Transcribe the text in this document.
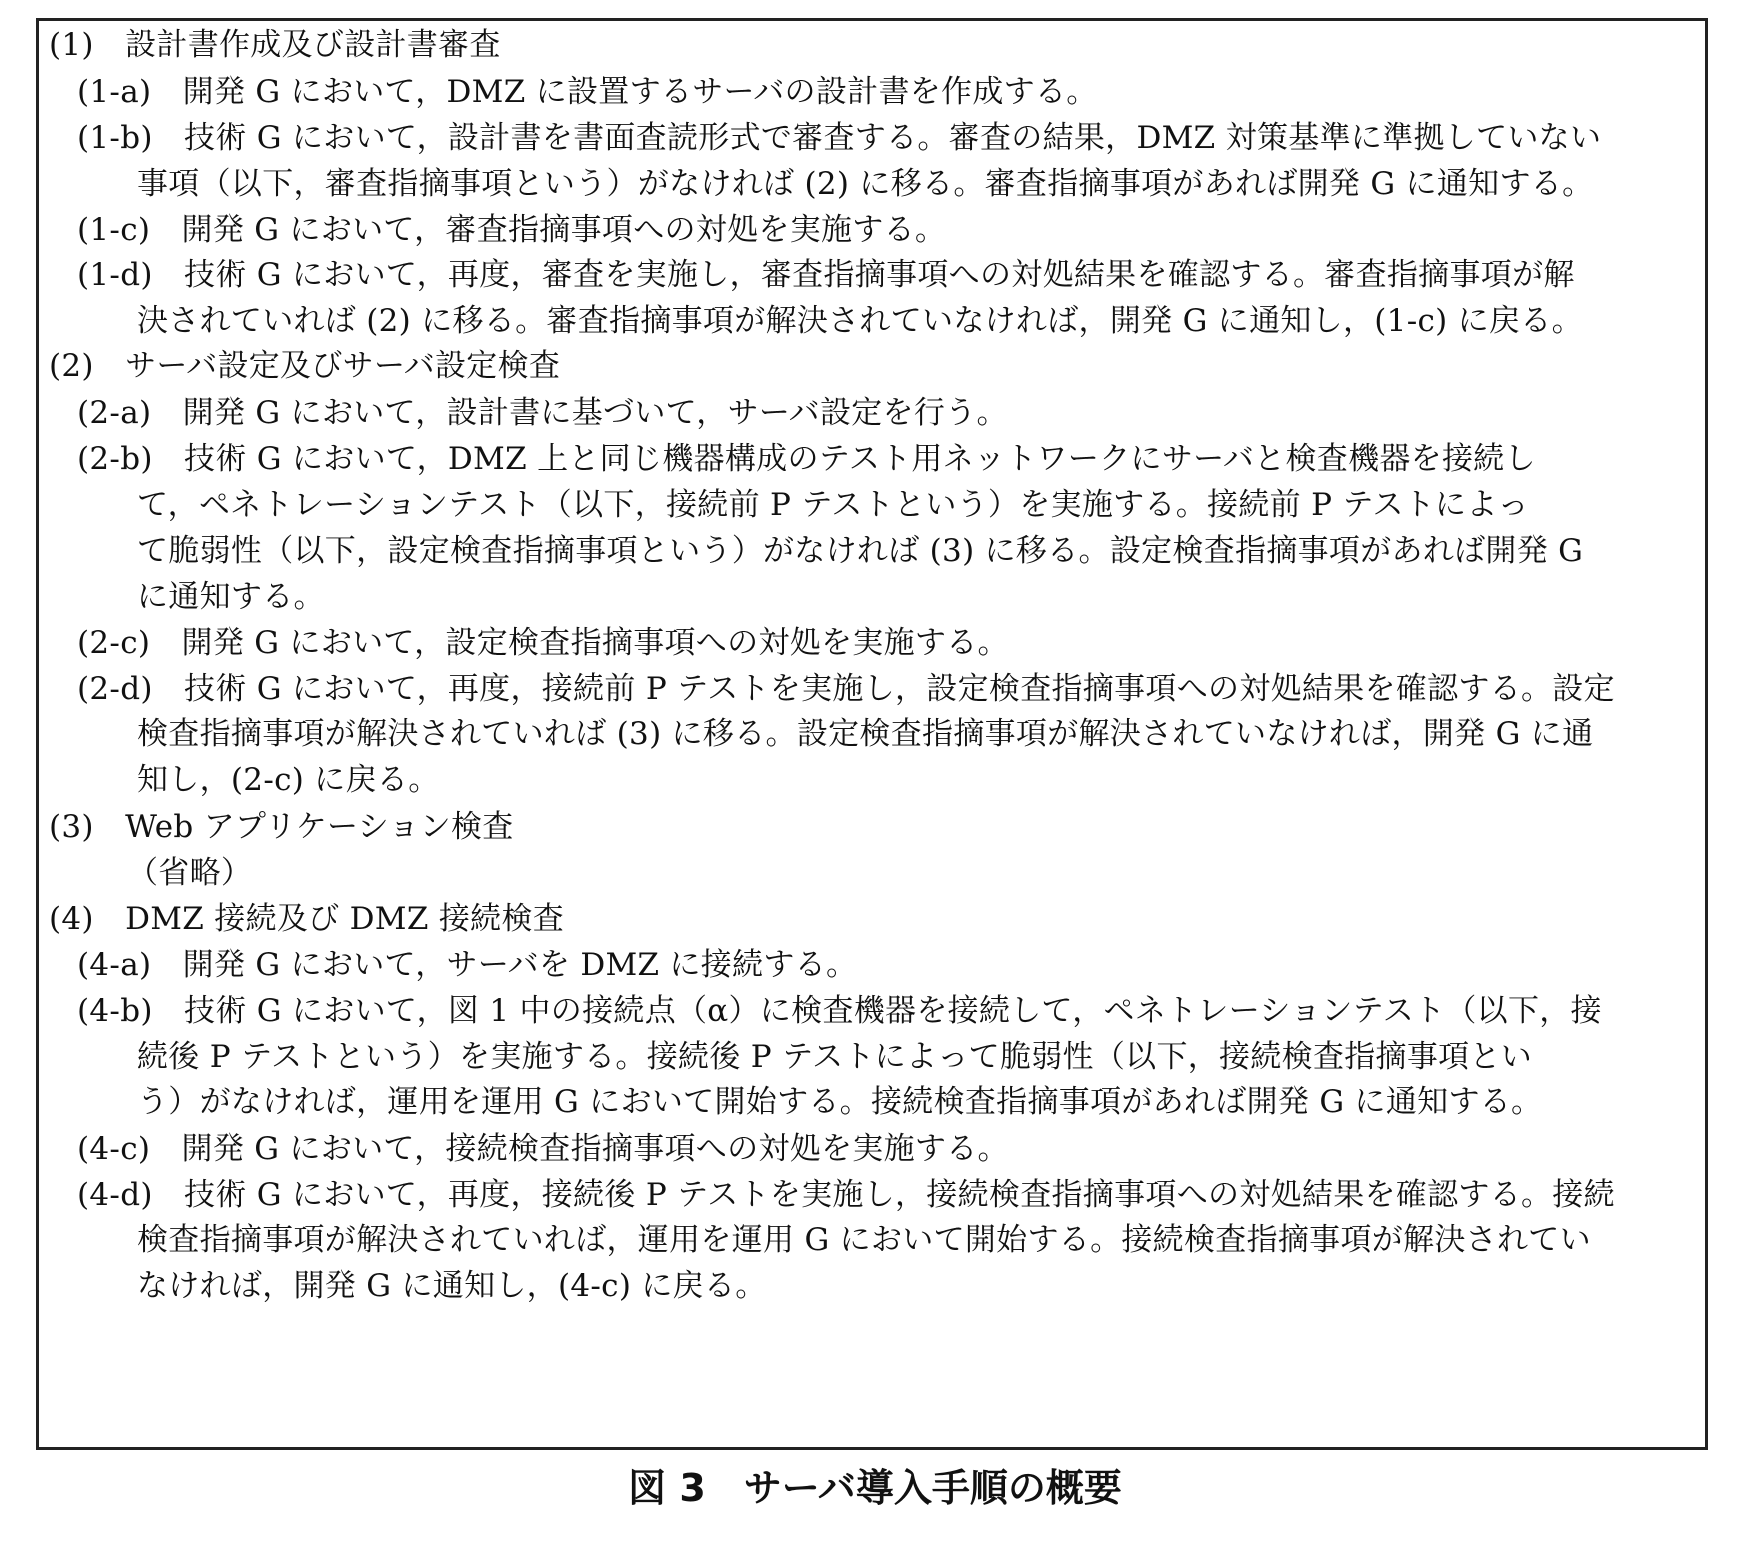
(1)　設計書作成及び設計書審査
(1-a)　開発 G において，DMZ に設置するサーバの設計書を作成する。
(1-b)　技術 G において，設計書を書面査読形式で審査する。審査の結果，DMZ 対策基準に準拠していない
事項（以下，審査指摘事項という）がなければ (2) に移る。審査指摘事項があれば開発 G に通知する。
(1-c)　開発 G において，審査指摘事項への対処を実施する。
(1-d)　技術 G において，再度，審査を実施し，審査指摘事項への対処結果を確認する。審査指摘事項が解
決されていれば (2) に移る。審査指摘事項が解決されていなければ，開発 G に通知し，(1-c) に戻る。
(2)　サーバ設定及びサーバ設定検査
(2-a)　開発 G において，設計書に基づいて，サーバ設定を行う。
(2-b)　技術 G において，DMZ 上と同じ機器構成のテスト用ネットワークにサーバと検査機器を接続し
て，ペネトレーションテスト（以下，接続前 P テストという）を実施する。接続前 P テストによっ
て脆弱性（以下，設定検査指摘事項という）がなければ (3) に移る。設定検査指摘事項があれば開発 G
に通知する。
(2-c)　開発 G において，設定検査指摘事項への対処を実施する。
(2-d)　技術 G において，再度，接続前 P テストを実施し，設定検査指摘事項への対処結果を確認する。設定
検査指摘事項が解決されていれば (3) に移る。設定検査指摘事項が解決されていなければ，開発 G に通
知し，(2-c) に戻る。
(3)　Web アプリケーション検査
（省略）
(4)　DMZ 接続及び DMZ 接続検査
(4-a)　開発 G において，サーバを DMZ に接続する。
(4-b)　技術 G において，図 1 中の接続点（α）に検査機器を接続して，ペネトレーションテスト（以下，接
続後 P テストという）を実施する。接続後 P テストによって脆弱性（以下，接続検査指摘事項とい
う）がなければ，運用を運用 G において開始する。接続検査指摘事項があれば開発 G に通知する。
(4-c)　開発 G において，接続検査指摘事項への対処を実施する。
(4-d)　技術 G において，再度，接続後 P テストを実施し，接続検査指摘事項への対処結果を確認する。接続
検査指摘事項が解決されていれば，運用を運用 G において開始する。接続検査指摘事項が解決されてい
なければ，開発 G に通知し，(4-c) に戻る。
図 3　サーバ導入手順の概要
